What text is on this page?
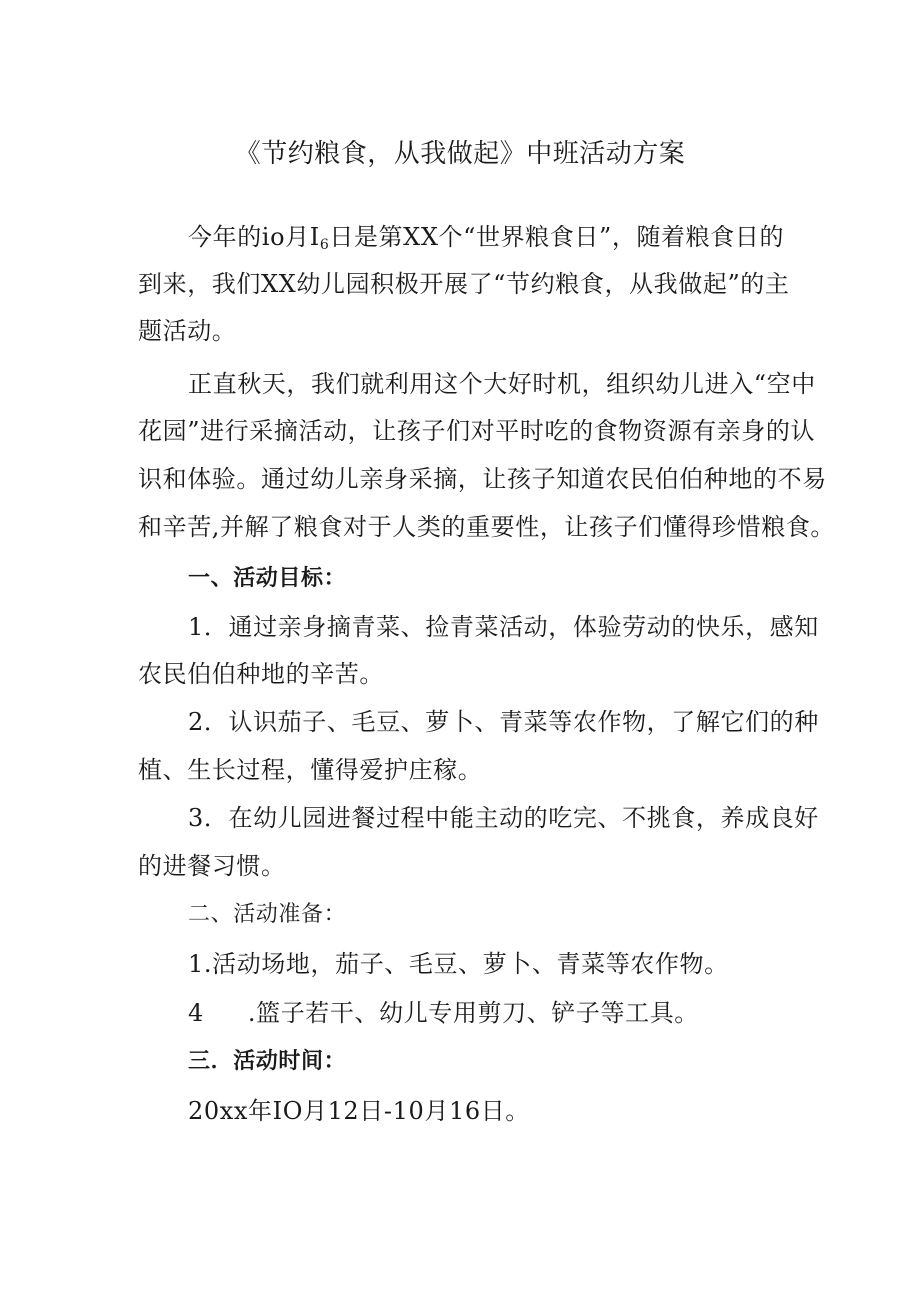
《节约粮食，从我做起》中班活动方案
今年的io月$I_6$日是第XX个“世界粮食日”，随着粮食日的
到来，我们XX幼儿园积极开展了“节约粮食，从我做起”的主
题活动。
正直秋天，我们就利用这个大好时机，组织幼儿进入“空中
花园”进行采摘活动，让孩子们对平时吃的食物资源有亲身的认
识和体验。通过幼儿亲身采摘，让孩子知道农民伯伯种地的不易
和辛苦,并解了粮食对于人类的重要性，让孩子们懂得珍惜粮食。
一、活动目标：
1．通过亲身摘青菜、捡青菜活动，体验劳动的快乐，感知
农民伯伯种地的辛苦。
2．认识茄子、毛豆、萝卜、青菜等农作物，了解它们的种
植、生长过程，懂得爱护庄稼。
3．在幼儿园进餐过程中能主动的吃完、不挑食，养成良好
的进餐习惯。
二、活动准备：
1.活动场地，茄子、毛豆、萝卜、青菜等农作物。
4 .篮子若干、幼儿专用剪刀、铲子等工具。
三．活动时间：
20xx年IO月12日-10月16日。
